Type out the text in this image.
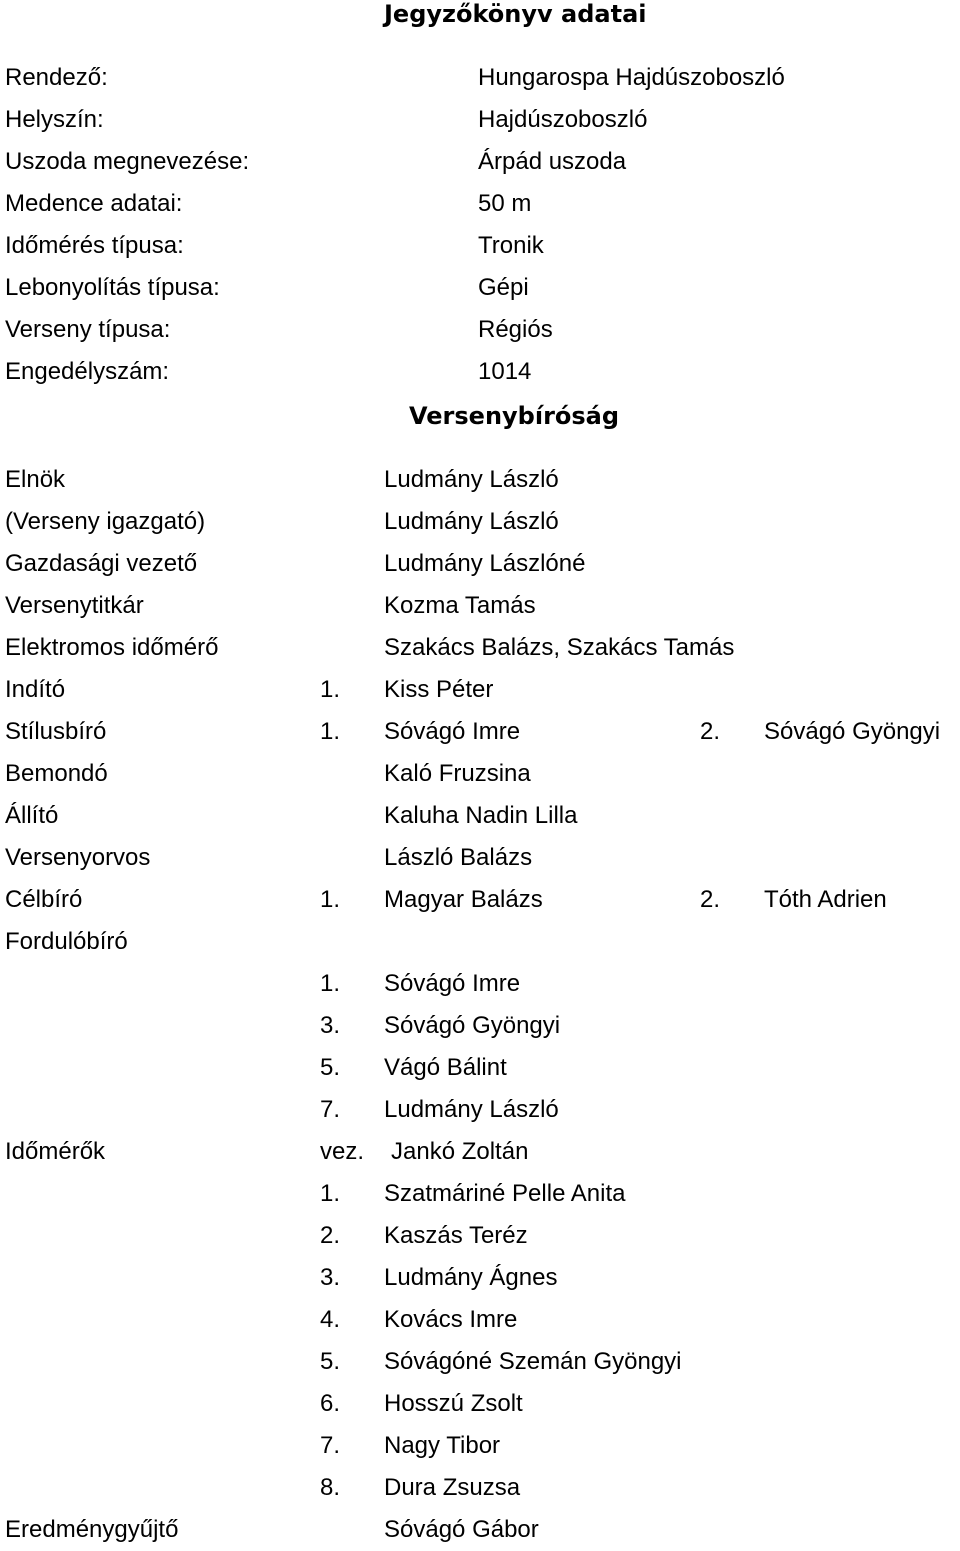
Jegyzőkönyv adatai
Rendező:	Hungarospa Hajdúszoboszló
Helyszín:	Hajdúszoboszló
Uszoda megnevezése:	Árpád uszoda
Medence adatai:	50 m
Időmérés típusa:	Tronik
Lebonyolítás típusa:	Gépi
Verseny típusa:	Régiós
Engedélyszám:	1014
Versenybíróság
Elnök	Ludmány László
(Verseny igazgató)	Ludmány László
Gazdasági vezető	Ludmány Lászlóné
Versenytitkár	Kozma Tamás
Elektromos időmérő	Szakács Balázs, Szakács Tamás
Indító	1. Kiss Péter
Stílusbíró	1. Sóvágó Imre	2. Sóvágó Gyöngyi
Bemondó	Kaló Fruzsina
Állító	Kaluha Nadin Lilla
Versenyorvos	László Balázs
Célbíró	1. Magyar Balázs	2. Tóth Adrien
Fordulóbíró
1. Sóvágó Imre
3. Sóvágó Gyöngyi
5. Vágó Bálint
7. Ludmány László
Időmérők	vez. Jankó Zoltán
1. Szatmáriné Pelle Anita
2. Kaszás Teréz
3. Ludmány Ágnes
4. Kovács Imre
5. Sóvágóné Szemán Gyöngyi
6. Hosszú Zsolt
7. Nagy Tibor
8. Dura Zsuzsa
Eredménygyűjtő	Sóvágó Gábor
